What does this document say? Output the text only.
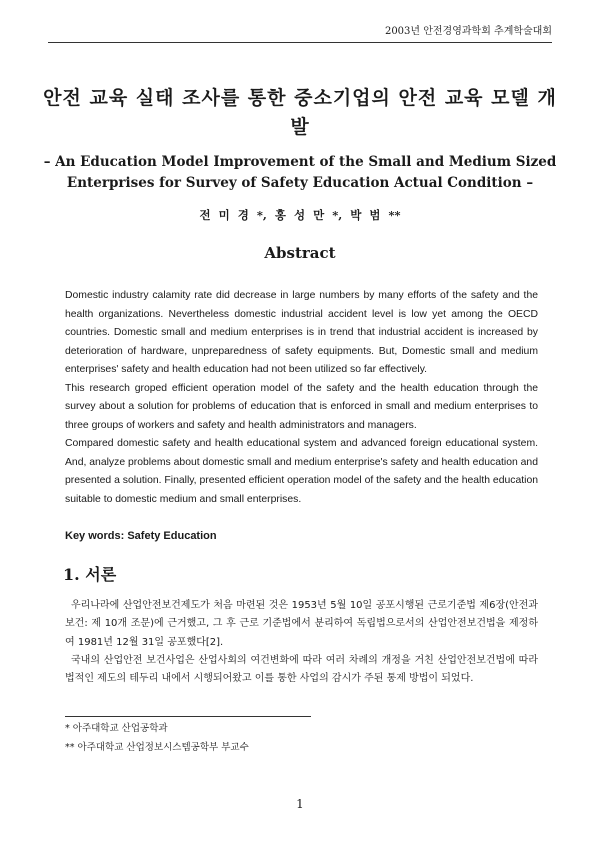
2003년 안전경영과학회 추계학술대회
안전 교육 실태 조사를 통한 중소기업의 안전 교육 모델 개발
– An Education Model Improvement of the Small and Medium Sized Enterprises for Survey of Safety Education Actual Condition –
전 미 경 *, 홍 성 만 *, 박 범 **
Abstract

Domestic industry calamity rate did decrease in large numbers by many efforts of the safety and the health organizations. Nevertheless domestic industrial accident level is low yet among the OECD countries. Domestic small and medium enterprises is in trend that industrial accident is increased by deterioration of hardware, unpreparedness of safety equipments. But, Domestic small and medium enterprises' safety and health education had not been utilized so far effectively.

This research groped efficient operation model of the safety and the health education through the survey about a solution for problems of education that is enforced in small and medium enterprises to three groups of workers and safety and health administrators and managers.

Compared domestic safety and health educational system and advanced foreign educational system. And, analyze problems about domestic small and medium enterprise's safety and health education and presented a solution. Finally, presented efficient operation model of the safety and the health education suitable to domestic medium and small enterprises.

Key words: Safety Education
1. 서론

우리나라에 산업안전보건제도가 처음 마련된 것은 1953년 5월 10일 공포시행된 근로기준법 제6장(안전과 보건: 제 10개 조문)에 근거했고, 그 후 근로 기준법에서 분리하여 독립법으로서의 산업안전보건법을 제정하여 1981년 12월 31일 공포했다[2].

국내의 산업안전 보건사업은 산업사회의 여건변화에 따라 여러 차례의 개정을 거친 산업안전보건법에 따라 법적인 제도의 테두리 내에서 시행되어왔고 이를 통한 사업의 감시가 주된 통제 방법이 되었다.

* 아주대학교 산업공학과
** 아주대학교 산업정보시스템공학부 부교수
1
